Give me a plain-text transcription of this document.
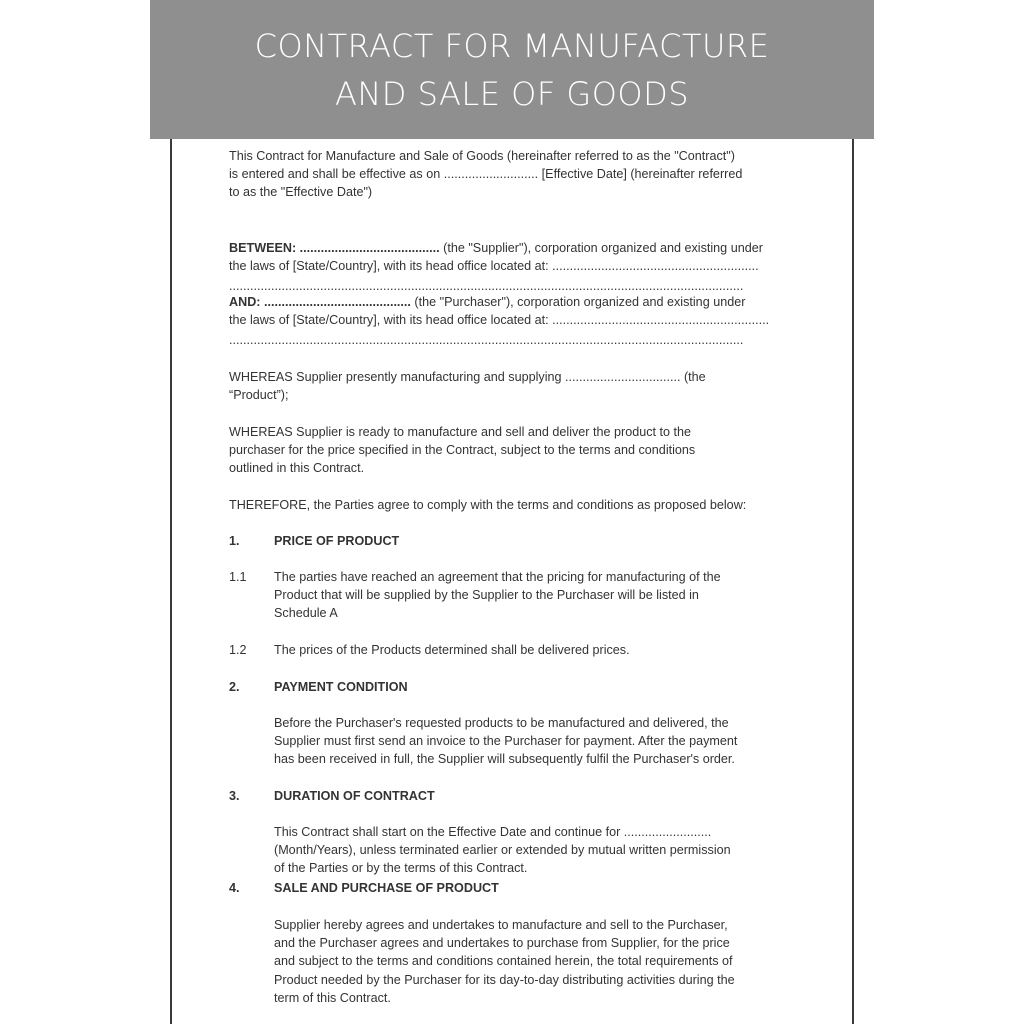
CONTRACT FOR MANUFACTURE
AND SALE OF GOODS
This Contract for Manufacture and Sale of Goods (hereinafter referred to as the "Contract")
is entered and shall be effective as on ........................... [Effective Date] (hereinafter referred
to as the "Effective Date")
BETWEEN: ........................................ (the "Supplier"), corporation organized and existing under
the laws of [State/Country], with its head office located at: ...........................................................
...................................................................................................................................................
AND: .......................................... (the "Purchaser"), corporation organized and existing under
the laws of [State/Country], with its head office located at: ..............................................................
...................................................................................................................................................
WHEREAS Supplier presently manufacturing and supplying ................................. (the
“Product”);
WHEREAS Supplier is ready to manufacture and sell and deliver the product to the
purchaser for the price specified in the Contract, subject to the terms and conditions
outlined in this Contract.
THEREFORE, the Parties agree to comply with the terms and conditions as proposed below:
1.	PRICE OF PRODUCT
1.1	The parties have reached an agreement that the pricing for manufacturing of the
Product that will be supplied by the Supplier to the Purchaser will be listed in
Schedule A
1.2	The prices of the Products determined shall be delivered prices.
2.	PAYMENT CONDITION
Before the Purchaser's requested products to be manufactured and delivered, the
Supplier must first send an invoice to the Purchaser for payment. After the payment
has been received in full, the Supplier will subsequently fulfil the Purchaser's order.
3.	DURATION OF CONTRACT
This Contract shall start on the Effective Date and continue for .........................
(Month/Years), unless terminated earlier or extended by mutual written permission
of the Parties or by the terms of this Contract.
4.	SALE AND PURCHASE OF PRODUCT
Supplier hereby agrees and undertakes to manufacture and sell to the Purchaser,
and the Purchaser agrees and undertakes to purchase from Supplier, for the price
and subject to the terms and conditions contained herein, the total requirements of
Product needed by the Purchaser for its day-to-day distributing activities during the
term of this Contract.
